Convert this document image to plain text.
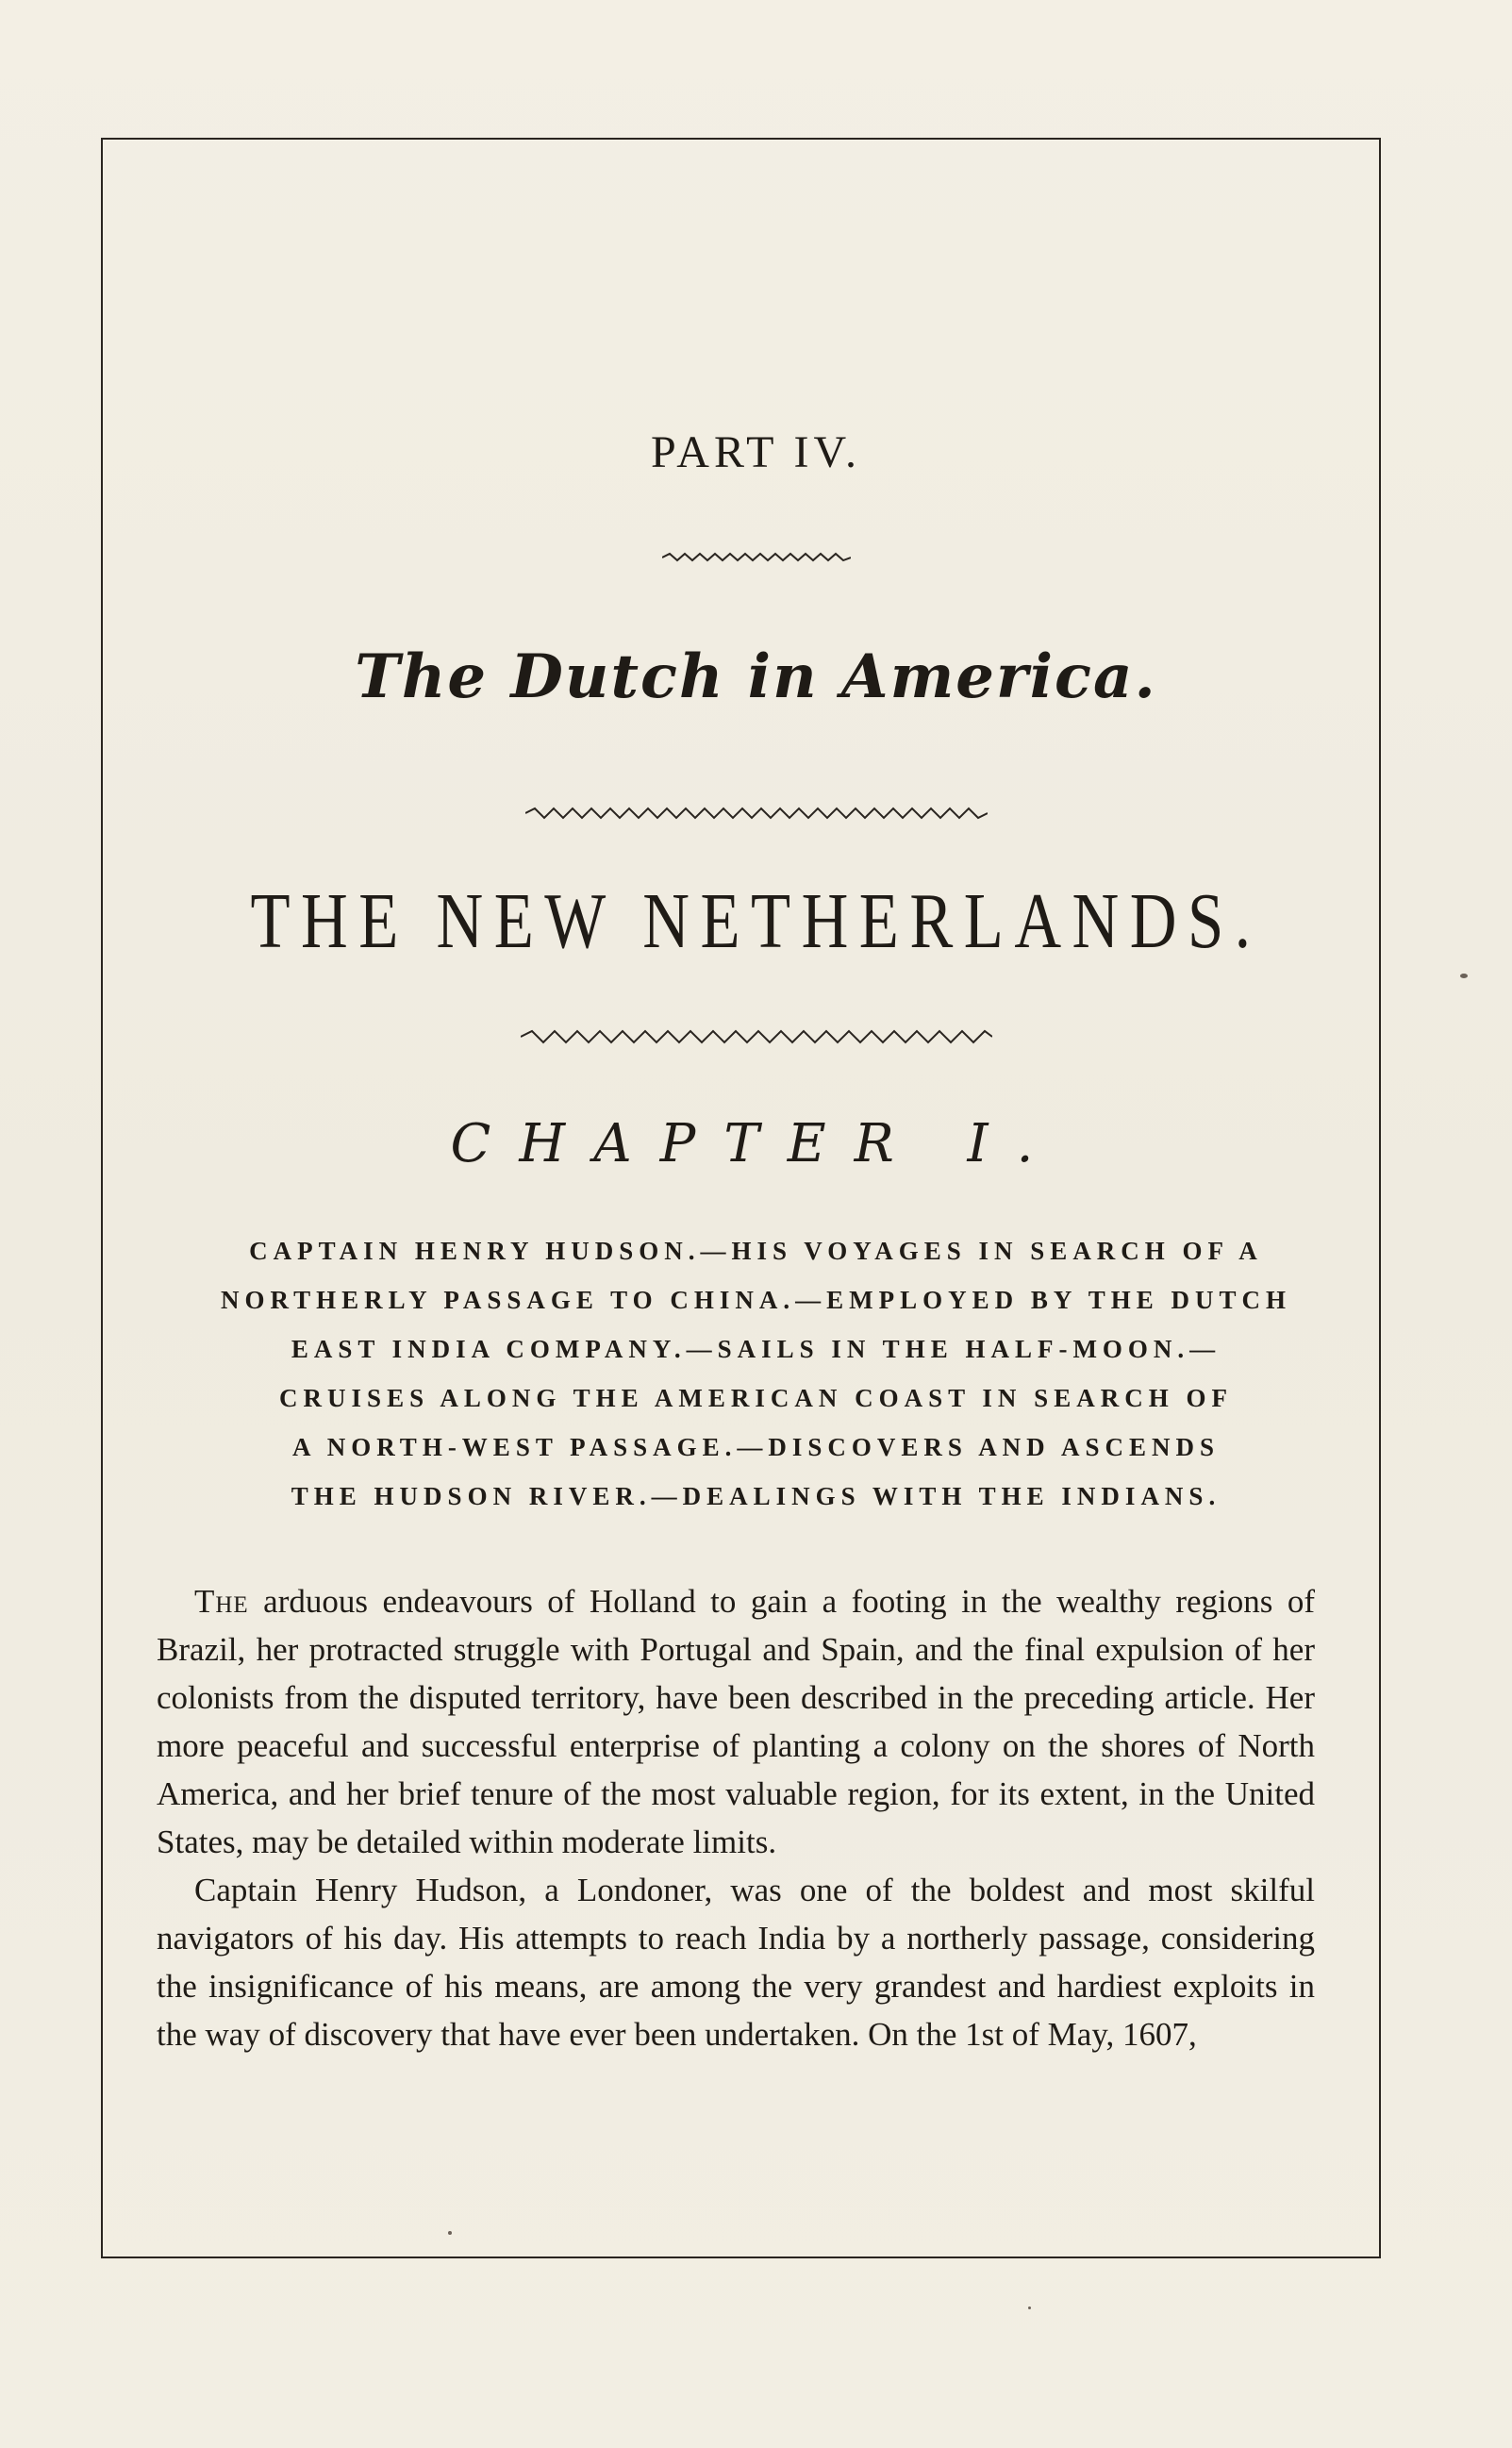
PART IV.
The Dutch in America.
THE NEW NETHERLANDS.
CHAPTER I.
CAPTAIN HENRY HUDSON.—HIS VOYAGES IN SEARCH OF A
NORTHERLY PASSAGE TO CHINA.—EMPLOYED BY THE DUTCH
EAST INDIA COMPANY.—SAILS IN THE HALF-MOON.—
CRUISES ALONG THE AMERICAN COAST IN SEARCH OF
A NORTH-WEST PASSAGE.—DISCOVERS AND ASCENDS
THE HUDSON RIVER.—DEALINGS WITH THE INDIANS.

The arduous endeavours of Holland to gain a footing in the wealthy regions of Brazil, her protracted struggle with Portugal and Spain, and the final expulsion of her colonists from the disputed territory, have been described in the preceding article. Her more peaceful and successful enterprise of planting a colony on the shores of North America, and her brief tenure of the most valuable region, for its extent, in the United States, may be detailed within moderate limits.

Captain Henry Hudson, a Londoner, was one of the boldest and most skilful navigators of his day. His attempts to reach India by a northerly passage, considering the insignificance of his means, are among the very grandest and hardiest exploits in the way of discovery that have ever been undertaken. On the 1st of May, 1607,
